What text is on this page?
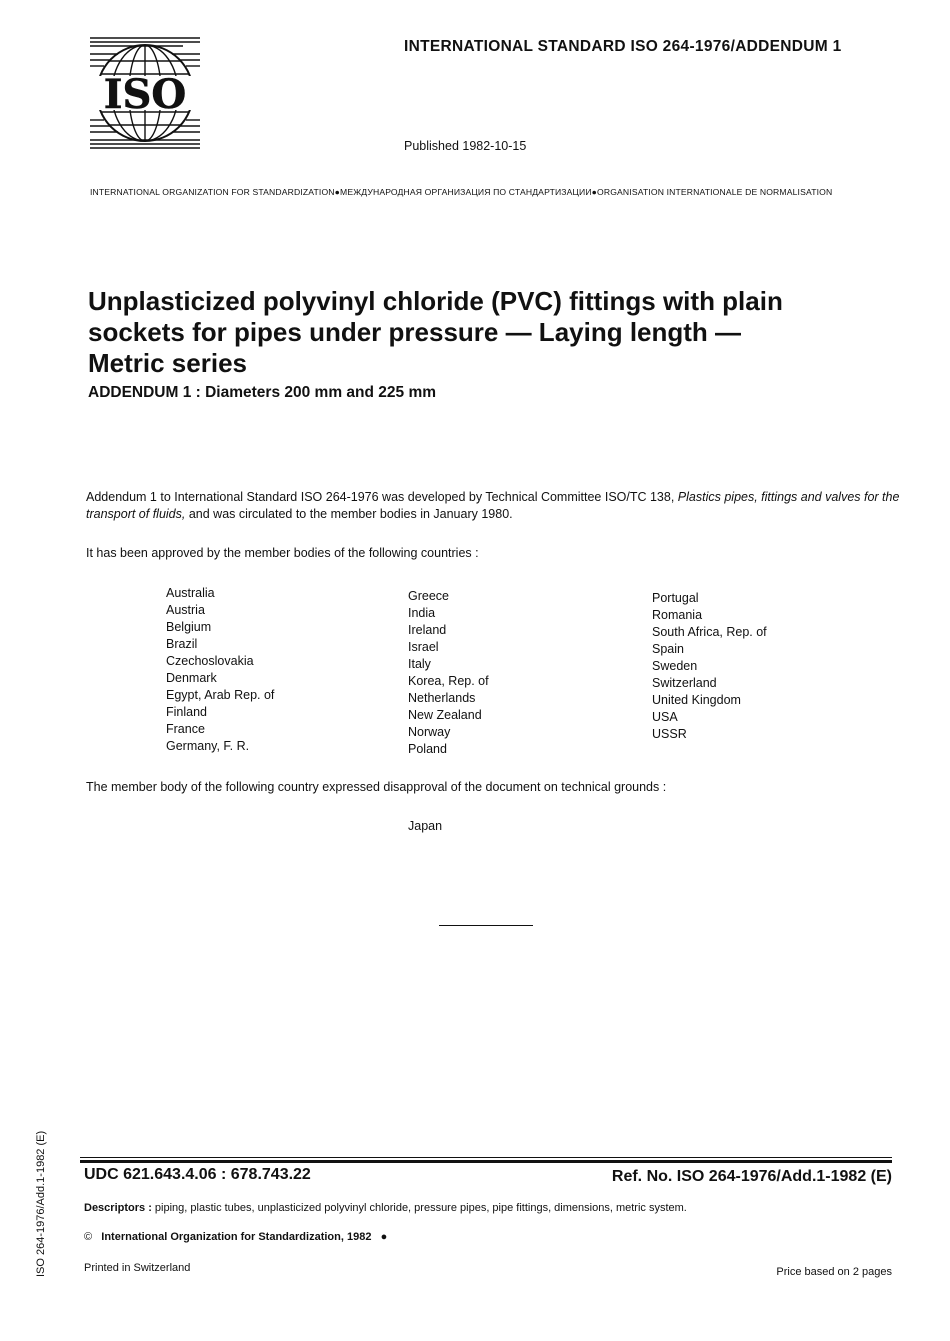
ISO
INTERNATIONAL STANDARD ISO 264-1976/ADDENDUM 1
Published 1982-10-15
INTERNATIONAL ORGANIZATION FOR STANDARDIZATION●МЕЖДУНАРОДНАЯ ОРГАНИЗАЦИЯ ПО СТАНДАРТИЗАЦИИ●ORGANISATION INTERNATIONALE DE NORMALISATION
Unplasticized polyvinyl chloride (PVC) fittings with plain
sockets for pipes under pressure — Laying length —
Metric series
ADDENDUM 1 : Diameters 200 mm and 225 mm
Addendum 1 to International Standard ISO 264-1976 was developed by Technical Committee ISO/TC 138, Plastics pipes, fittings and valves for the transport of fluids, and was circulated to the member bodies in January 1980.
It has been approved by the member bodies of the following countries :
Australia
Austria
Belgium
Brazil
Czechoslovakia
Denmark
Egypt, Arab Rep. of
Finland
France
Germany, F. R.
Greece
India
Ireland
Israel
Italy
Korea, Rep. of
Netherlands
New Zealand
Norway
Poland
Portugal
Romania
South Africa, Rep. of
Spain
Sweden
Switzerland
United Kingdom
USA
USSR
The member body of the following country expressed disapproval of the document on technical grounds :
Japan
ISO 264-1976/Add.1-1982 (E) UDC 621.643.4.06 : 678.743.22	Ref. No. ISO 264-1976/Add.1-1982 (E)
Descriptors : piping, plastic tubes, unplasticized polyvinyl chloride, pressure pipes, pipe fittings, dimensions, metric system.
© International Organization for Standardization, 1982 ●
Printed in Switzerland	Price based on 2 pages
